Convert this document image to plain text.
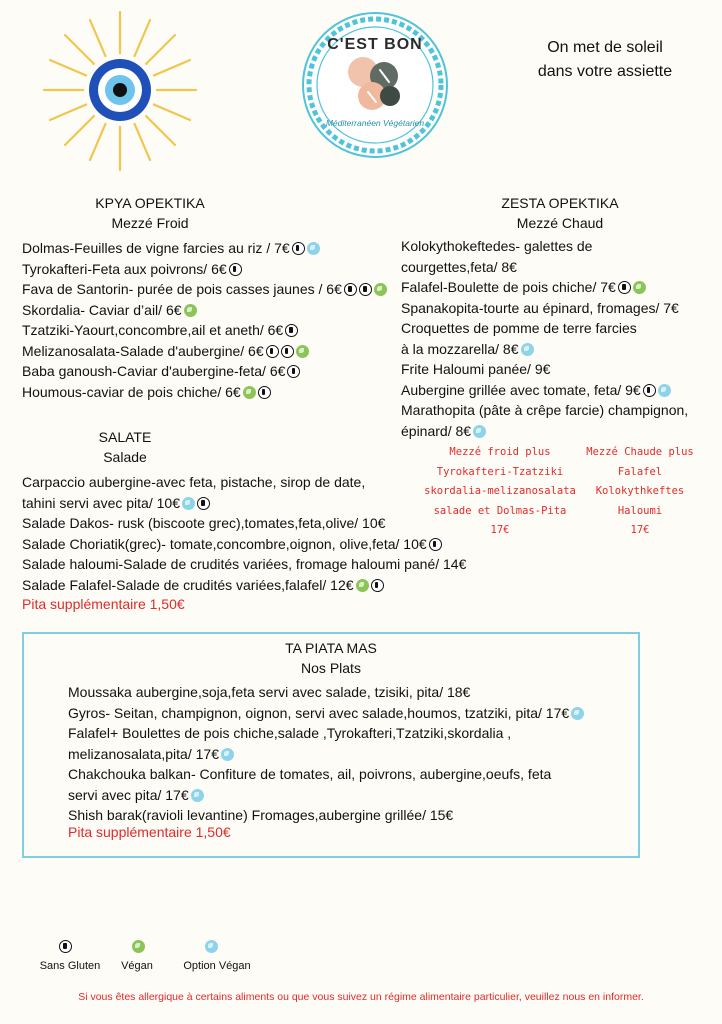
C'EST BON
Méditerranéen Végétarien
On met de soleil
dans votre assiette
KPYA OPEKTIKA
Mezzé Froid
Dolmas-Feuilles de vigne farcies au riz / 7€
Tyrokafteri-Feta aux poivrons/ 6€
Fava de Santorin- purée de pois casses jaunes / 6€
Skordalia- Caviar d’ail/ 6€
Tzatziki-Yaourt,concombre,ail et aneth/ 6€
Melizanosalata-Salade d'aubergine/ 6€
Baba ganoush-Caviar d'aubergine-feta/ 6€
Houmous-caviar de pois chiche/ 6€
ZESTA OPEKTIKA
Mezzé Chaud
Kolokythokeftedes- galettes de
courgettes,feta/ 8€
Falafel-Boulette de pois chiche/ 7€
Spanakopita-tourte au épinard, fromages/ 7€
Croquettes de pomme de terre farcies
à la mozzarella/ 8€
Frite Haloumi panée/ 9€
Aubergine grillée avec tomate, feta/ 9€
Marathopita (pâte à crêpe farcie) champignon,
épinard/ 8€
Mezzé froid plus
Tyrokafteri-Tzatziki
skordalia-melizanosalata
salade et Dolmas-Pita
17€
Mezzé Chaude plus
Falafel
Kolokythkeftes
Haloumi
17€
SALATE
Salade
Carpaccio aubergine-avec feta, pistache, sirop de date,
tahini servi avec pita/ 10€
Salade Dakos- rusk (biscoote grec),tomates,feta,olive/ 10€
Salade Choriatik(grec)- tomate,concombre,oignon, olive,feta/ 10€
Salade haloumi-Salade de crudités variées, fromage haloumi pané/ 14€
Salade Falafel-Salade de crudités variées,falafel/ 12€
Pita supplémentaire 1,50€
TA PIATA MAS
Nos Plats
Moussaka aubergine,soja,feta servi avec salade, tzisiki, pita/ 18€
Gyros- Seitan, champignon, oignon, servi avec salade,houmos, tzatziki, pita/ 17€
Falafel+ Boulettes de pois chiche,salade ,Tyrokafteri,Tzatziki,skordalia ,
melizanosalata,pita/ 17€
Chakchouka balkan- Confiture de tomates, ail, poivrons, aubergine,oeufs, feta
servi avec pita/ 17€
Shish barak(ravioli levantine) Fromages,aubergine grillée/ 15€
Pita supplémentaire 1,50€
Sans Gluten	Végan	Option Végan
Si vous êtes allergique à certains aliments ou que vous suivez un régime alimentaire particulier, veuillez nous en informer.
